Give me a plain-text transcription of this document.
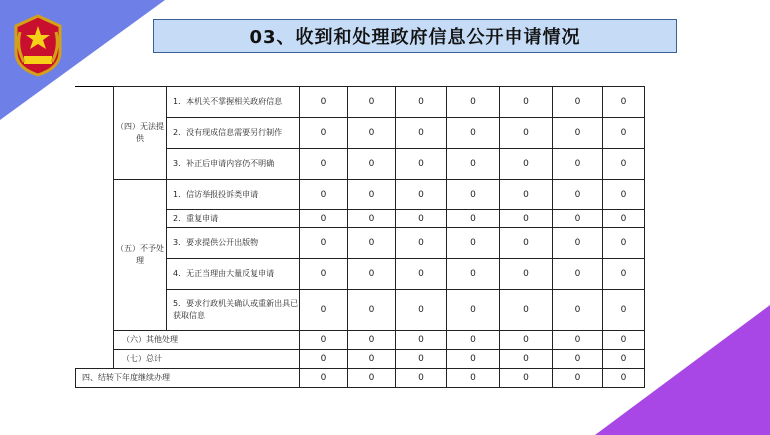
03、收到和处理政府信息公开申请情况
	（四）无法提供	1．本机关不掌握相关政府信息	0	0	0	0	0	0	0
		2．没有现成信息需要另行制作	0	0	0	0	0	0	0
		3．补正后申请内容仍不明确	0	0	0	0	0	0	0
	（五）不予处理	1．信访举报投诉类申请	0	0	0	0	0	0	0
		2．重复申请	0	0	0	0	0	0	0
		3．要求提供公开出版物	0	0	0	0	0	0	0
		4．无正当理由大量反复申请	0	0	0	0	0	0	0
		5．要求行政机关确认或重新出具已获取信息	0	0	0	0	0	0	0
	（六）其他处理		0	0	0	0	0	0	0
	（七）总计		0	0	0	0	0	0	0
四、结转下年度继续办理			0	0	0	0	0	0	0
